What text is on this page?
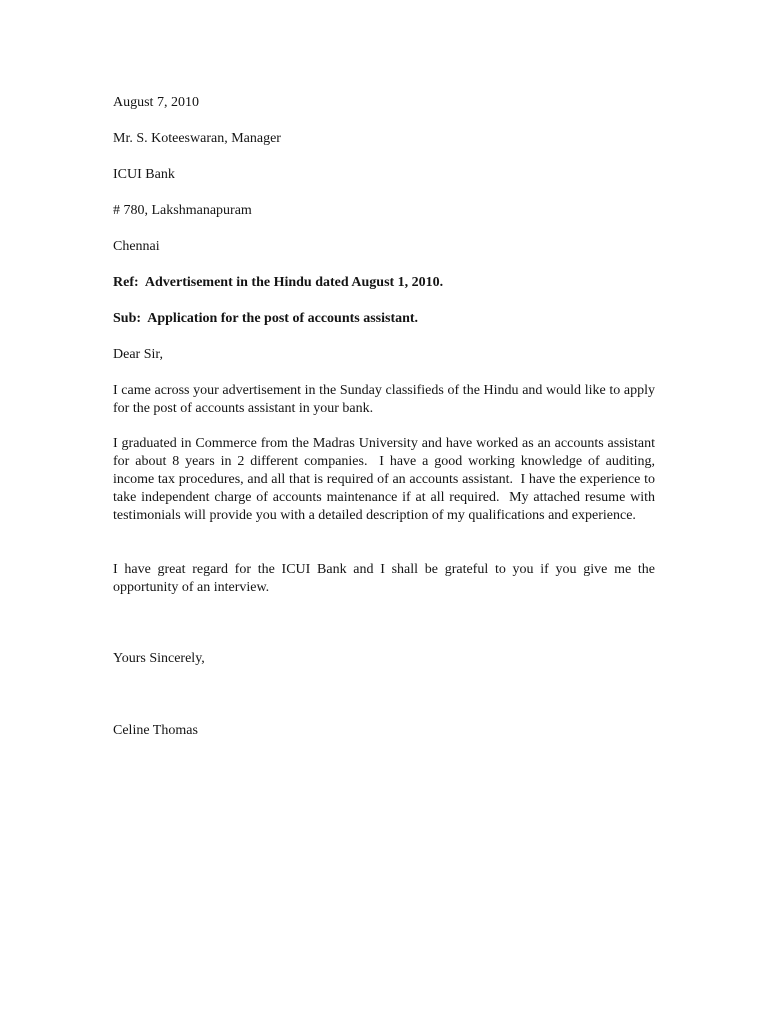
August 7, 2010

Mr. S. Koteeswaran, Manager

ICUI Bank

# 780, Lakshmanapuram

Chennai

Ref:  Advertisement in the Hindu dated August 1, 2010.

Sub:  Application for the post of accounts assistant.

Dear Sir,

I came across your advertisement in the Sunday classifieds of the Hindu and would like to apply for the post of accounts assistant in your bank.

I graduated in Commerce from the Madras University and have worked as an accounts assistant for about 8 years in 2 different companies.  I have a good working knowledge of auditing, income tax procedures, and all that is required of an accounts assistant.  I have the experience to take independent charge of accounts maintenance if at all required.  My attached resume with testimonials will provide you with a detailed description of my qualifications and experience.

I have great regard for the ICUI Bank and I shall be grateful to you if you give me the opportunity of an interview.

Yours Sincerely,

Celine Thomas
